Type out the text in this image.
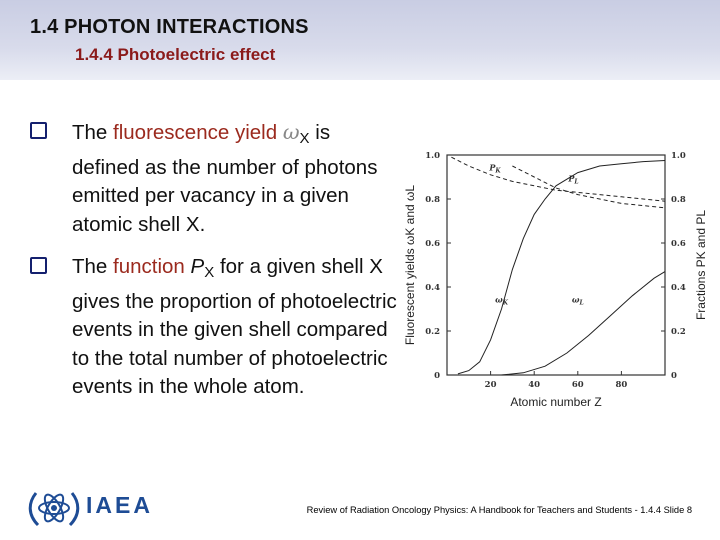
1.4 PHOTON INTERACTIONS
1.4.4 Photoelectric effect
The fluorescence yield $\omega_X$ is defined as the number of photons emitted per vacancy in a given atomic shell X.
The function $P_X$ for a given shell X gives the proportion of photoelectric events in the given shell compared to the total number of photoelectric events in the whole atom.	20	40	60	80
0
0.2
0.4
0.6
0.8
1.0
0
0.2
0.4
0.6
0.8
1.0
Atomic number Z
Fluorescent yields ωK and ωL	Fractions PK and PL
$P_K$
$P_L$
$\omega_K$	$\omega_L$
IAEA	Review of Radiation Oncology Physics: A Handbook for Teachers and Students - 1.4.4 Slide 8
